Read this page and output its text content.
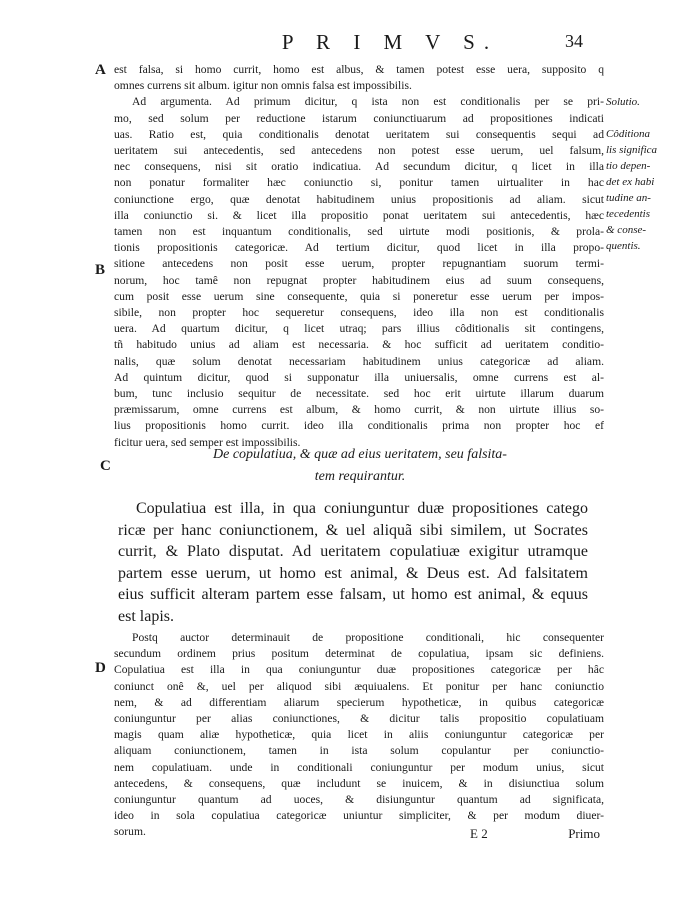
P R I M V S.	34
A
B
C
D
Solutio.
Côditiona
lis significa
tio depen-
det ex habi
tudine an-
tecedentis
& conse-
quentis.
est falsa, si homo currit, homo est albus, & tamen potest esse uera, supposito q
omnes currens sit album. igitur non omnis falsa est impossibilis.
Ad argumenta. Ad primum dicitur, q ista non est conditionalis per se pri-
mo, sed solum per reductione istarum coniunctiuarum ad propositiones indicati
uas. Ratio est, quia conditionalis denotat ueritatem sui consequentis sequi ad
ueritatem sui antecedentis, sed antecedens non potest esse uerum, uel falsum,
nec consequens, nisi sit oratio indicatiua. Ad secundum dicitur, q licet in illa
non ponatur formaliter hæc coniunctio si, ponitur tamen uirtualiter in hac
coniunctione ergo, quæ denotat habitudinem unius propositionis ad aliam. sicut
illa coniunctio si. & licet illa propositio ponat ueritatem sui antecedentis, hæc
tamen non est inquantum conditionalis, sed uirtute modi positionis, & prola-
tionis propositionis categoricæ. Ad tertium dicitur, quod licet in illa propo-
sitione antecedens non posit esse uerum, propter repugnantiam suorum termi-
norum, hoc tamê non repugnat propter habitudinem eius ad suum consequens,
cum posit esse uerum sine consequente, quia si poneretur esse uerum per impos-
sibile, non propter hoc sequeretur consequens, ideo illa non est conditionalis
uera. Ad quartum dicitur, q licet utraq; pars illius côditionalis sit contingens,
tñ habitudo unius ad aliam est necessaria. & hoc sufficit ad ueritatem conditio-
nalis, quæ solum denotat necessariam habitudinem unius categoricæ ad aliam.
Ad quintum dicitur, quod si supponatur illa uniuersalis, omne currens est al-
bum, tunc inclusio sequitur de necessitate. sed hoc erit uirtute illarum duarum
præmissarum, omne currens est album, & homo currit, & non uirtute illius so-
lius propositionis homo currit. ideo illa conditionalis prima non propter hoc ef
ficitur uera, sed semper est impossibilis.
De copulatiua, & quæ ad eius ueritatem, seu falsita-
tem requirantur.
Copulatiua est illa, in qua coniunguntur duæ propositiones catego
ricæ per hanc coniunctionem, & uel aliquã sibi similem, ut Socrates
currit, & Plato disputat. Ad ueritatem copulatiuæ exigitur utramque
partem esse uerum, ut homo est animal, & Deus est. Ad falsitatem
eius sufficit alteram partem esse falsam, ut homo est animal, & equus
est lapis.
Postq auctor determinauit de propositione conditionali, hic consequenter
secundum ordinem prius positum determinat de copulatiua, ipsam sic definiens.
Copulatiua est illa in qua coniunguntur duæ propositiones categoricæ per hâc
coniunct onê &, uel per aliquod sibi æquiualens. Et ponitur per hanc coniunctio
nem, & ad differentiam aliarum specierum hypotheticæ, in quibus categoricæ
coniunguntur per alias coniunctiones, & dicitur talis propositio copulatiuam
magis quam aliæ hypotheticæ, quia licet in aliis coniunguntur categoricæ per
aliquam coniunctionem, tamen in ista solum copulantur per coniunctio-
nem copulatiuam. unde in conditionali coniunguntur per modum unius, sicut
antecedens, & consequens, quæ includunt se inuicem, & in disiunctiua solum
coniunguntur quantum ad uoces, & disiunguntur quantum ad significata,
ideo in sola copulatiua categoricæ uniuntur simpliciter, & per modum diuer-
sorum.	E 2	Primo
